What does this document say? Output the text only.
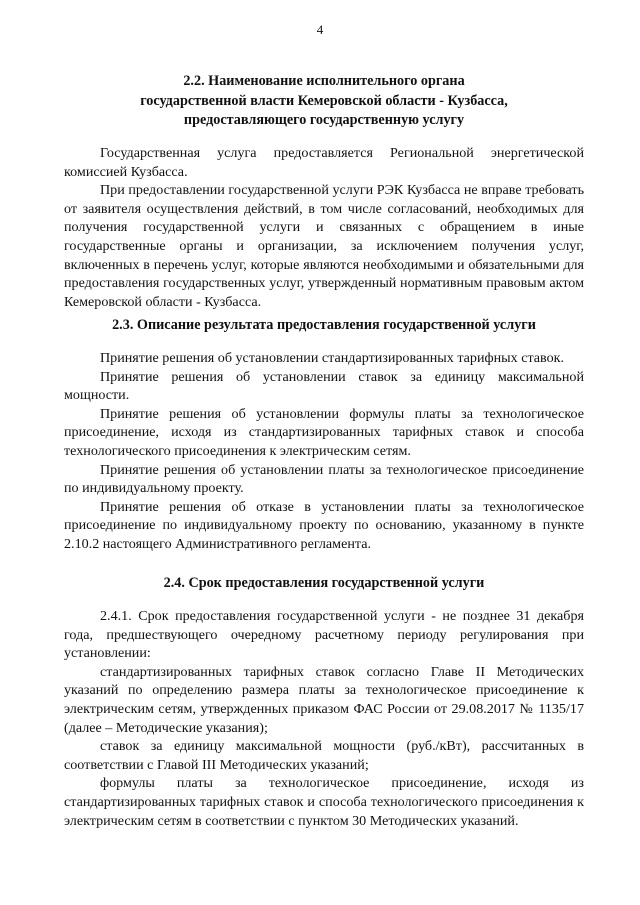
4
2.2. Наименование исполнительного органа
государственной власти Кемеровской области - Кузбасса,
предоставляющего государственную услугу

Государственная услуга предоставляется Региональной энергетической комиссией Кузбасса.

При предоставлении государственной услуги РЭК Кузбасса не вправе требовать от заявителя осуществления действий, в том числе согласований, необходимых для получения государственной услуги и связанных с обращением в иные государственные органы и организации, за исключением получения услуг, включенных в перечень услуг, которые являются необходимыми и обязательными для предоставления государственных услуг, утвержденный нормативным правовым актом Кемеровской области - Кузбасса.

2.3. Описание результата предоставления государственной услуги

Принятие решения об установлении стандартизированных тарифных ставок.

Принятие решения об установлении ставок за единицу максимальной мощности.

Принятие решения об установлении формулы платы за технологическое присоединение, исходя из стандартизированных тарифных ставок и способа технологического присоединения к электрическим сетям.

Принятие решения об установлении платы за технологическое присоединение по индивидуальному проекту.

Принятие решения об отказе в установлении платы за технологическое присоединение по индивидуальному проекту по основанию, указанному в пункте 2.10.2 настоящего Административного регламента.

2.4. Срок предоставления государственной услуги

2.4.1. Срок предоставления государственной услуги - не позднее 31 декабря года, предшествующего очередному расчетному периоду регулирования при установлении:

стандартизированных тарифных ставок согласно Главе II Методических указаний по определению размера платы за технологическое присоединение к электрическим сетям, утвержденных приказом ФАС России от 29.08.2017 № 1135/17 (далее – Методические указания);

ставок за единицу максимальной мощности (руб./кВт), рассчитанных в соответствии с Главой III Методических указаний;

формулы платы за технологическое присоединение, исходя из стандартизированных тарифных ставок и способа технологического присоединения к электрическим сетям в соответствии с пунктом 30 Методических указаний.
